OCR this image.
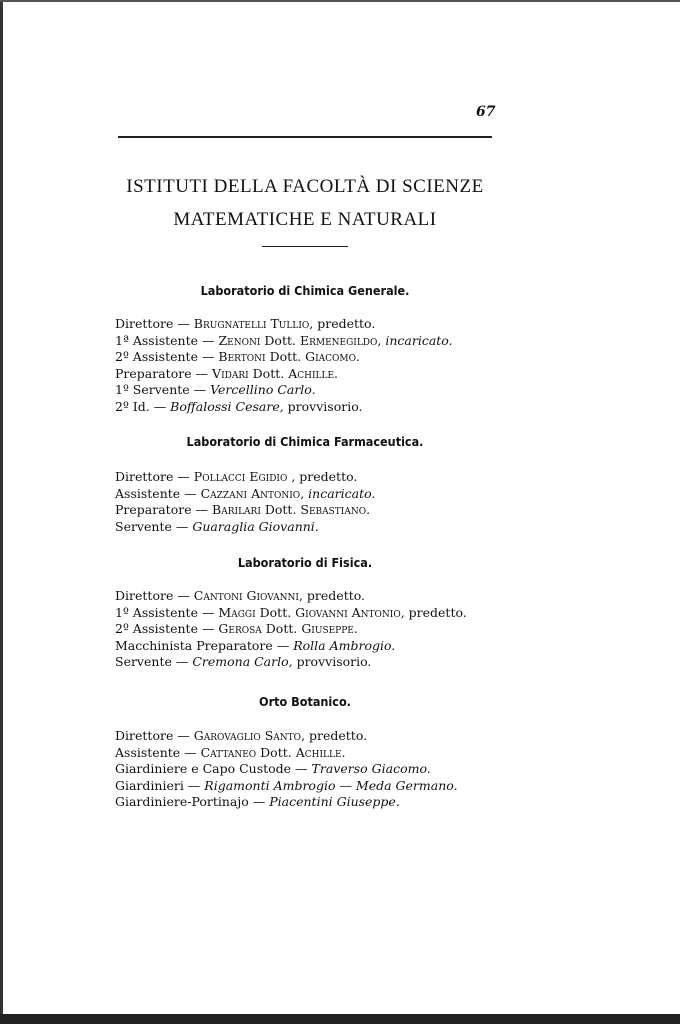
67
ISTITUTI DELLA FACOLTÀ DI SCIENZE
MATEMATICHE E NATURALI
Laboratorio di Chimica Generale.
Direttore — Brugnatelli Tullio, predetto.
1ª Assistente — Zenoni Dott. Ermenegildo, incaricato.
2º Assistente — Bertoni Dott. Giacomo.
Preparatore — Vidari Dott. Achille.
1º Servente — Vercellino Carlo.
2º Id. — Boffalossi Cesare, provvisorio.
Laboratorio di Chimica Farmaceutica.
Direttore — Pollacci Egidio , predetto.
Assistente — Cazzani Antonio, incaricato.
Preparatore — Barilari Dott. Sebastiano.
Servente — Guaraglia Giovanni.
Laboratorio di Fisica.
Direttore — Cantoni Giovanni, predetto.
1º Assistente — Maggi Dott. Giovanni Antonio, predetto.
2º Assistente — Gerosa Dott. Giuseppe.
Macchinista Preparatore — Rolla Ambrogio.
Servente — Cremona Carlo, provvisorio.
Orto Botanico.
Direttore — Garovaglio Santo, predetto.
Assistente — Cattaneo Dott. Achille.
Giardiniere e Capo Custode — Traverso Giacomo.
Giardinieri — Rigamonti Ambrogio — Meda Germano.
Giardiniere-Portinajo — Piacentini Giuseppe.
